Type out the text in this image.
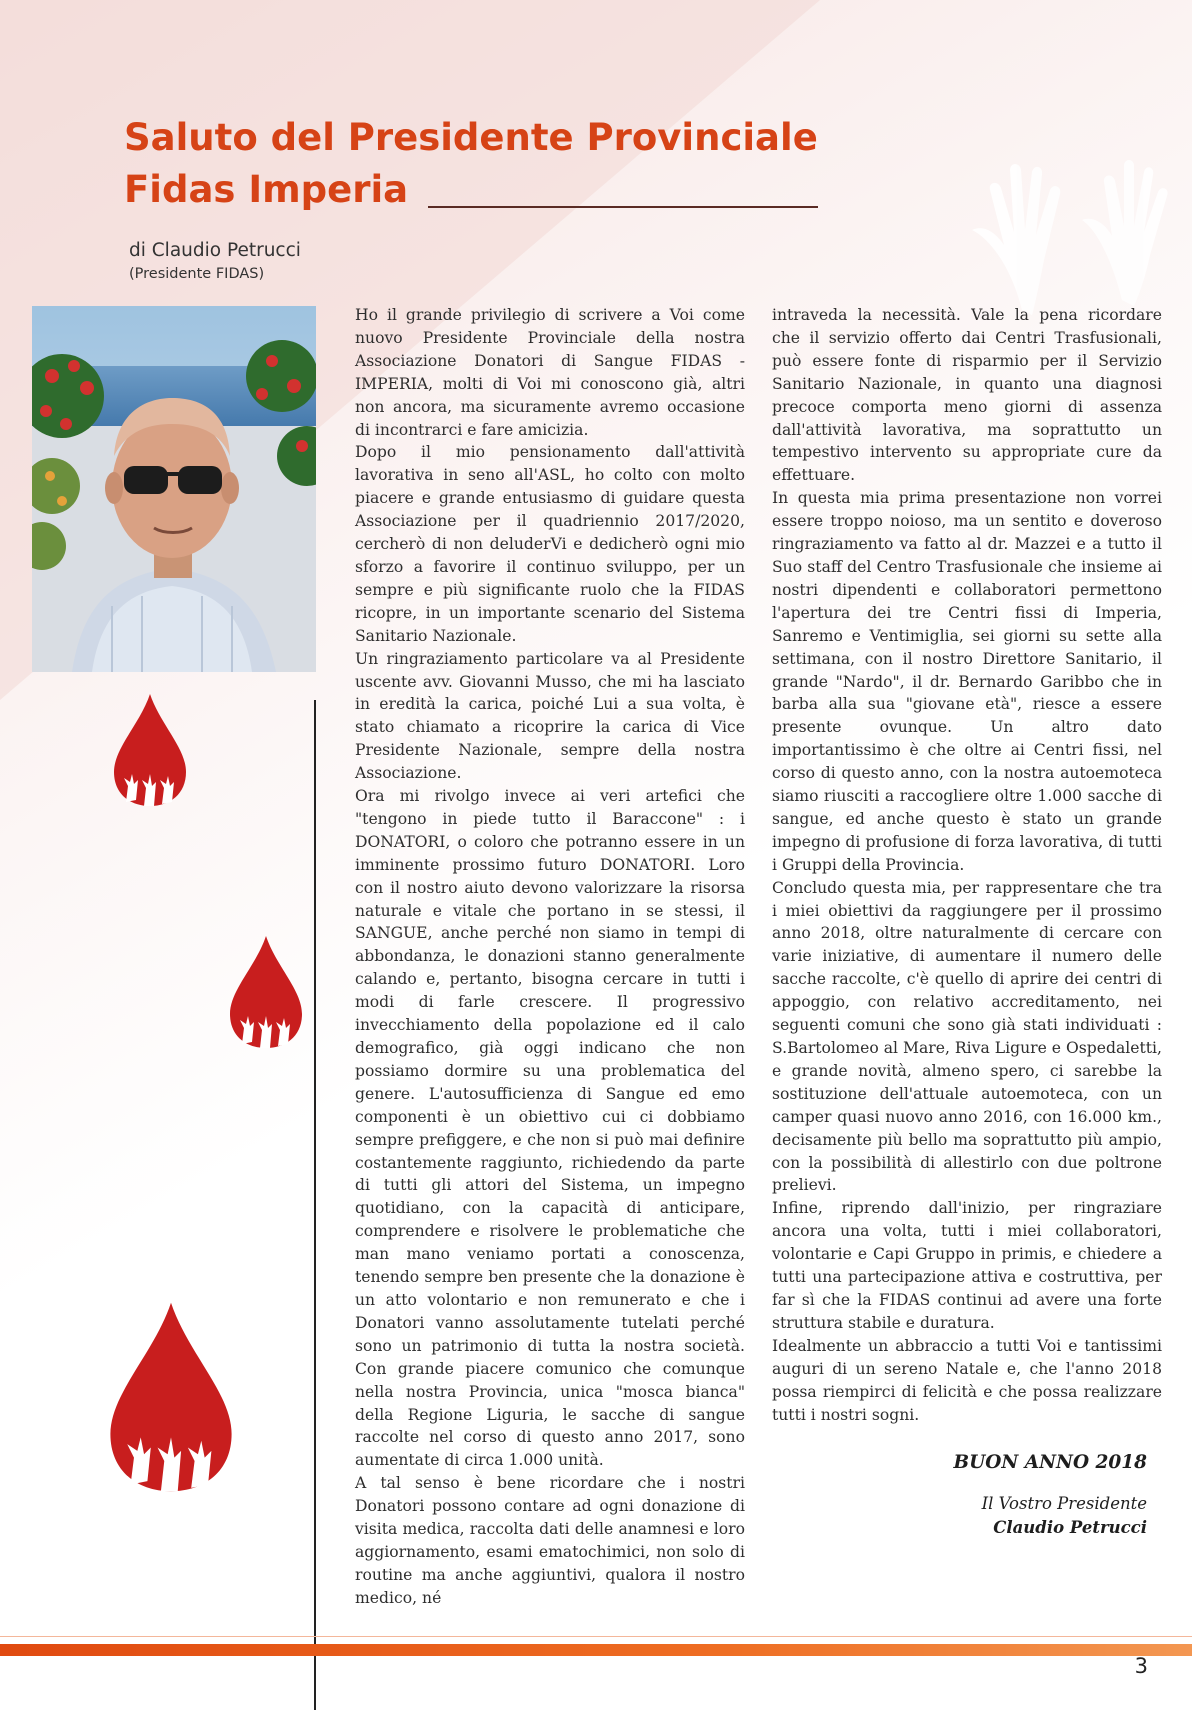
Saluto del Presidente Provinciale
Fidas Imperia
di Claudio Petrucci
(Presidente FIDAS)

Ho il grande privilegio di scrivere a Voi come nuovo Presidente Provinciale della nostra Associazione Donatori di Sangue FIDAS - IMPERIA, molti di Voi mi conoscono già, altri non ancora, ma sicuramente avremo occasione di incontrarci e fare amicizia.

Dopo il mio pensionamento dall'attività lavorativa in seno all'ASL, ho colto con molto piacere e grande entusiasmo di guidare questa Associazione per il quadriennio 2017/2020, cercherò di non deluderVi e dedicherò ogni mio sforzo a favorire il continuo sviluppo, per un sempre e più significante ruolo che la FIDAS ricopre, in un importante scenario del Sistema Sanitario Nazionale.

Un ringraziamento particolare va al Presidente uscente avv. Giovanni Musso, che mi ha lasciato in eredità la carica, poiché Lui a sua volta, è stato chiamato a ricoprire la carica di Vice Presidente Nazionale, sempre della nostra Associazione.

Ora mi rivolgo invece ai veri artefici che "tengono in piede tutto il Baraccone" : i DONATORI, o coloro che potranno essere in un imminente prossimo futuro DONATORI. Loro con il nostro aiuto devono valorizzare la risorsa naturale e vitale che portano in se stessi, il SANGUE, anche perché non siamo in tempi di abbondanza, le donazioni stanno generalmente calando e, pertanto, bisogna cercare in tutti i modi di farle crescere. Il progressivo invecchiamento della popolazione ed il calo demografico, già oggi indicano che non possiamo dormire su una problematica del genere. L'autosufficienza di Sangue ed emo componenti è un obiettivo cui ci dobbiamo sempre prefiggere, e che non si può mai definire costantemente raggiunto, richiedendo da parte di tutti gli attori del Sistema, un impegno quotidiano, con la capacità di anticipare, comprendere e risolvere le problematiche che man mano veniamo portati a conoscenza, tenendo sempre ben presente che la donazione è un atto volontario e non remunerato e che i Donatori vanno assolutamente tutelati perché sono un patrimonio di tutta la nostra società. Con grande piacere comunico che comunque nella nostra Provincia, unica "mosca bianca" della Regione Liguria, le sacche di sangue raccolte nel corso di questo anno 2017, sono aumentate di circa 1.000 unità.

A tal senso è bene ricordare che i nostri Donatori possono contare ad ogni donazione di visita medica, raccolta dati delle anamnesi e loro aggiornamento, esami ematochimici, non solo di routine ma anche aggiuntivi, qualora il nostro medico, né

intraveda la necessità. Vale la pena ricordare che il servizio offerto dai Centri Trasfusionali, può essere fonte di risparmio per il Servizio Sanitario Nazionale, in quanto una diagnosi precoce comporta meno giorni di assenza dall'attività lavorativa, ma soprattutto un tempestivo intervento su appropriate cure da effettuare.

In questa mia prima presentazione non vorrei essere troppo noioso, ma un sentito e doveroso ringraziamento va fatto al dr. Mazzei e a tutto il Suo staff del Centro Trasfusionale che insieme ai nostri dipendenti e collaboratori permettono l'apertura dei tre Centri fissi di Imperia, Sanremo e Ventimiglia, sei giorni su sette alla settimana, con il nostro Direttore Sanitario, il grande "Nardo", il dr. Bernardo Garibbo che in barba alla sua "giovane età", riesce a essere presente ovunque. Un altro dato importantissimo è che oltre ai Centri fissi, nel corso di questo anno, con la nostra autoemoteca siamo riusciti a raccogliere oltre 1.000 sacche di sangue, ed anche questo è stato un grande impegno di profusione di forza lavorativa, di tutti i Gruppi della Provincia.

Concludo questa mia, per rappresentare che tra i miei obiettivi da raggiungere per il prossimo anno 2018, oltre naturalmente di cercare con varie iniziative, di aumentare il numero delle sacche raccolte, c'è quello di aprire dei centri di appoggio, con relativo accreditamento, nei seguenti comuni che sono già stati individuati : S.Bartolomeo al Mare, Riva Ligure e Ospedaletti, e grande novità, almeno spero, ci sarebbe la sostituzione dell'attuale autoemoteca, con un camper quasi nuovo anno 2016, con 16.000 km., decisamente più bello ma soprattutto più ampio, con la possibilità di allestirlo con due poltrone prelievi.

Infine, riprendo dall'inizio, per ringraziare ancora una volta, tutti i miei collaboratori, volontarie e Capi Gruppo in primis, e chiedere a tutti una partecipazione attiva e costruttiva, per far sì che la FIDAS continui ad avere una forte struttura stabile e duratura.

Idealmente un abbraccio a tutti Voi e tantissimi auguri di un sereno Natale e, che l'anno 2018 possa riempirci di felicità e che possa realizzare tutti i nostri sogni.

BUON ANNO 2018
Il Vostro Presidente
Claudio Petrucci
3
